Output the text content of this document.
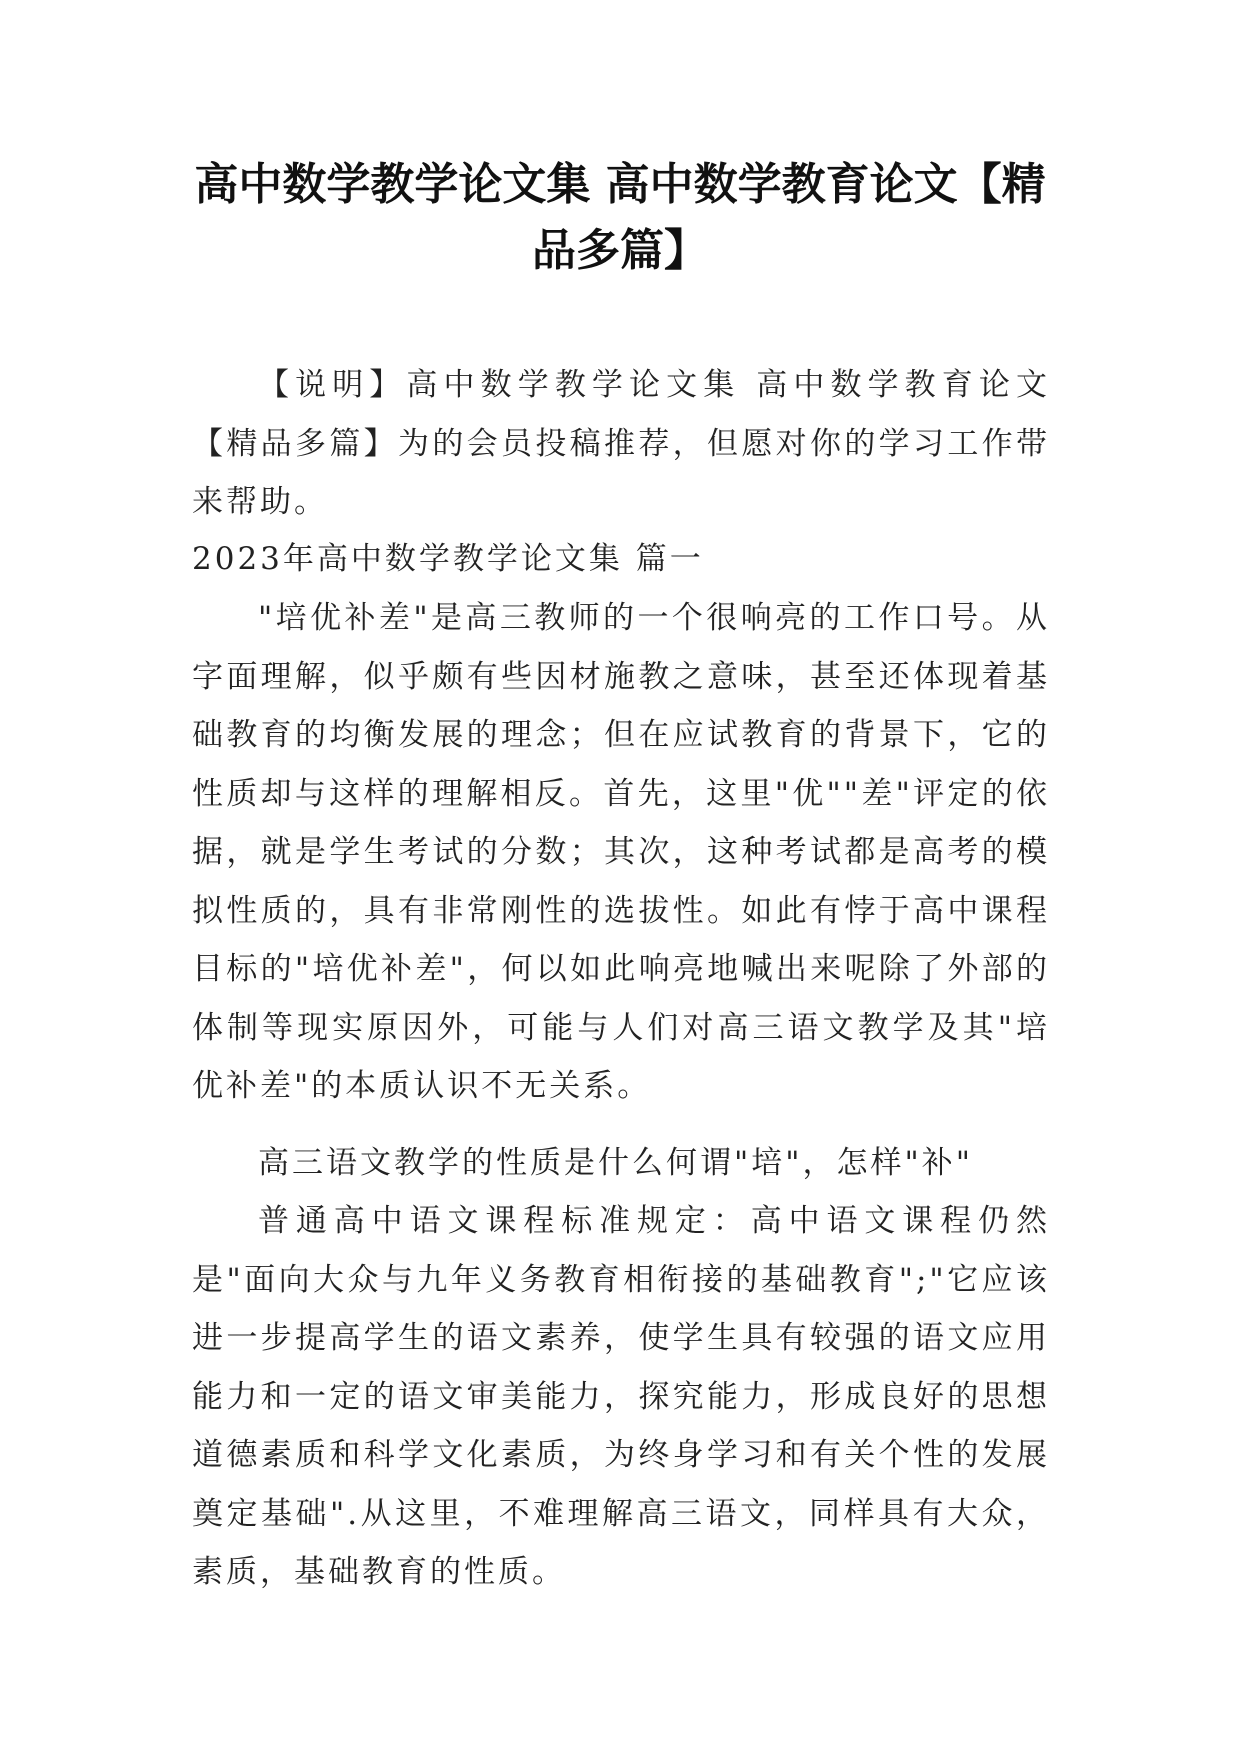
高中数学教学论文集 高中数学教育论文【精品多篇】

【说明】高中数学教学论文集 高中数学教育论文【精品多篇】为的会员投稿推荐，但愿对你的学习工作带来帮助。

2023年高中数学教学论文集 篇一

"培优补差"是高三教师的一个很响亮的工作口号。从字面理解，似乎颇有些因材施教之意味，甚至还体现着基础教育的均衡发展的理念；但在应试教育的背景下，它的性质却与这样的理解相反。首先，这里"优""差"评定的依据，就是学生考试的分数；其次，这种考试都是高考的模拟性质的，具有非常刚性的选拔性。如此有悖于高中课程目标的"培优补差"，何以如此响亮地喊出来呢除了外部的体制等现实原因外，可能与人们对高三语文教学及其"培优补差"的本质认识不无关系。

高三语文教学的性质是什么何谓"培"，怎样"补"

普通高中语文课程标准规定：高中语文课程仍然是"面向大众与九年义务教育相衔接的基础教育";"它应该进一步提高学生的语文素养，使学生具有较强的语文应用能力和一定的语文审美能力，探究能力，形成良好的思想道德素质和科学文化素质，为终身学习和有关个性的发展奠定基础".从这里，不难理解高三语文，同样具有大众，素质，基础教育的性质。
